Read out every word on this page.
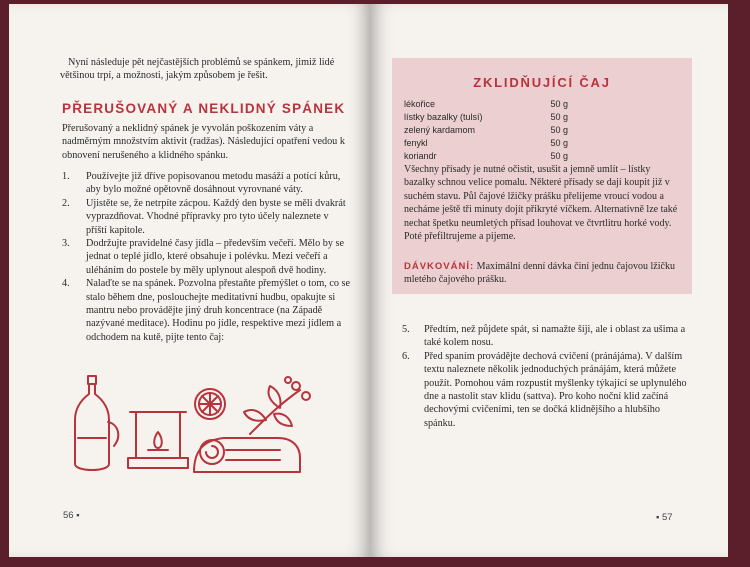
Nyní následuje pět nejčastějších problémů se spánkem, jimiž lidé většinou trpí, a možnosti, jakým způsobem je řešit.
PŘERUŠOVANÝ A NEKLIDNÝ SPÁNEK
Přerušovaný a neklidný spánek je vyvolán poškozením váty a nadměrným množstvím aktivit (radžas). Následující opatření vedou k obnovení nerušeného a klidného spánku.
1. Používejte již dříve popisovanou metodu masáží a potící kůru, aby bylo možné opětovně dosáhnout vyrovnané váty.
2. Ujistěte se, že netrpíte zácpou. Každý den byste se měli dvakrát vyprazdňovat. Vhodné přípravky pro tyto účely naleznete v příští kapitole.
3. Dodržujte pravidelné časy jídla – především večeří. Mělo by se jednat o teplé jídlo, které obsahuje i polévku. Mezi večeří a uléháním do postele by měly uplynout alespoň dvě hodiny.
4. Nalaďte se na spánek. Pozvolna přestaňte přemýšlet o tom, co se stalo během dne, poslouchejte meditativní hudbu, opakujte si mantru nebo provádějte jiný druh koncentrace (na Západě nazývané meditace). Hodinu po jídle, respektive mezi jídlem a odchodem na kutě, pijte tento čaj:
56 ▪
ZKLIDŇUJÍCÍ ČAJ
lékořice	50 g
lístky bazalky (tulsí)	50 g
zelený kardamom	50 g
fenykl	50 g
koriandr	50 g
Všechny přísady je nutné očistit, usušit a jemně umlít – lístky bazalky schnou velice pomalu. Některé přísady se dají koupit již v suchém stavu. Půl čajové lžičky prášku přelijeme vroucí vodou a necháme ještě tři minuty dojít přikryté víčkem. Alternativně lze také nechat špetku neumletých přísad louhovat ve čtvrtlitru horké vody. Poté přefiltrujeme a pijeme.
DÁVKOVÁNÍ: Maximální denní dávka činí jednu čajovou lžičku mletého čajového prášku.
5. Předtím, než půjdete spát, si namažte šíji, ale i oblast za ušima a také kolem nosu.
6. Před spaním provádějte dechová cvičení (pránájáma). V dalším textu naleznete několik jednoduchých pránájám, která můžete použít. Pomohou vám rozpustit myšlenky týkající se uplynulého dne a nastolit stav klidu (sattva). Pro koho noční klid začíná dechovými cvičeními, ten se dočká klidnějšího a hlubšího spánku.
▪ 57
